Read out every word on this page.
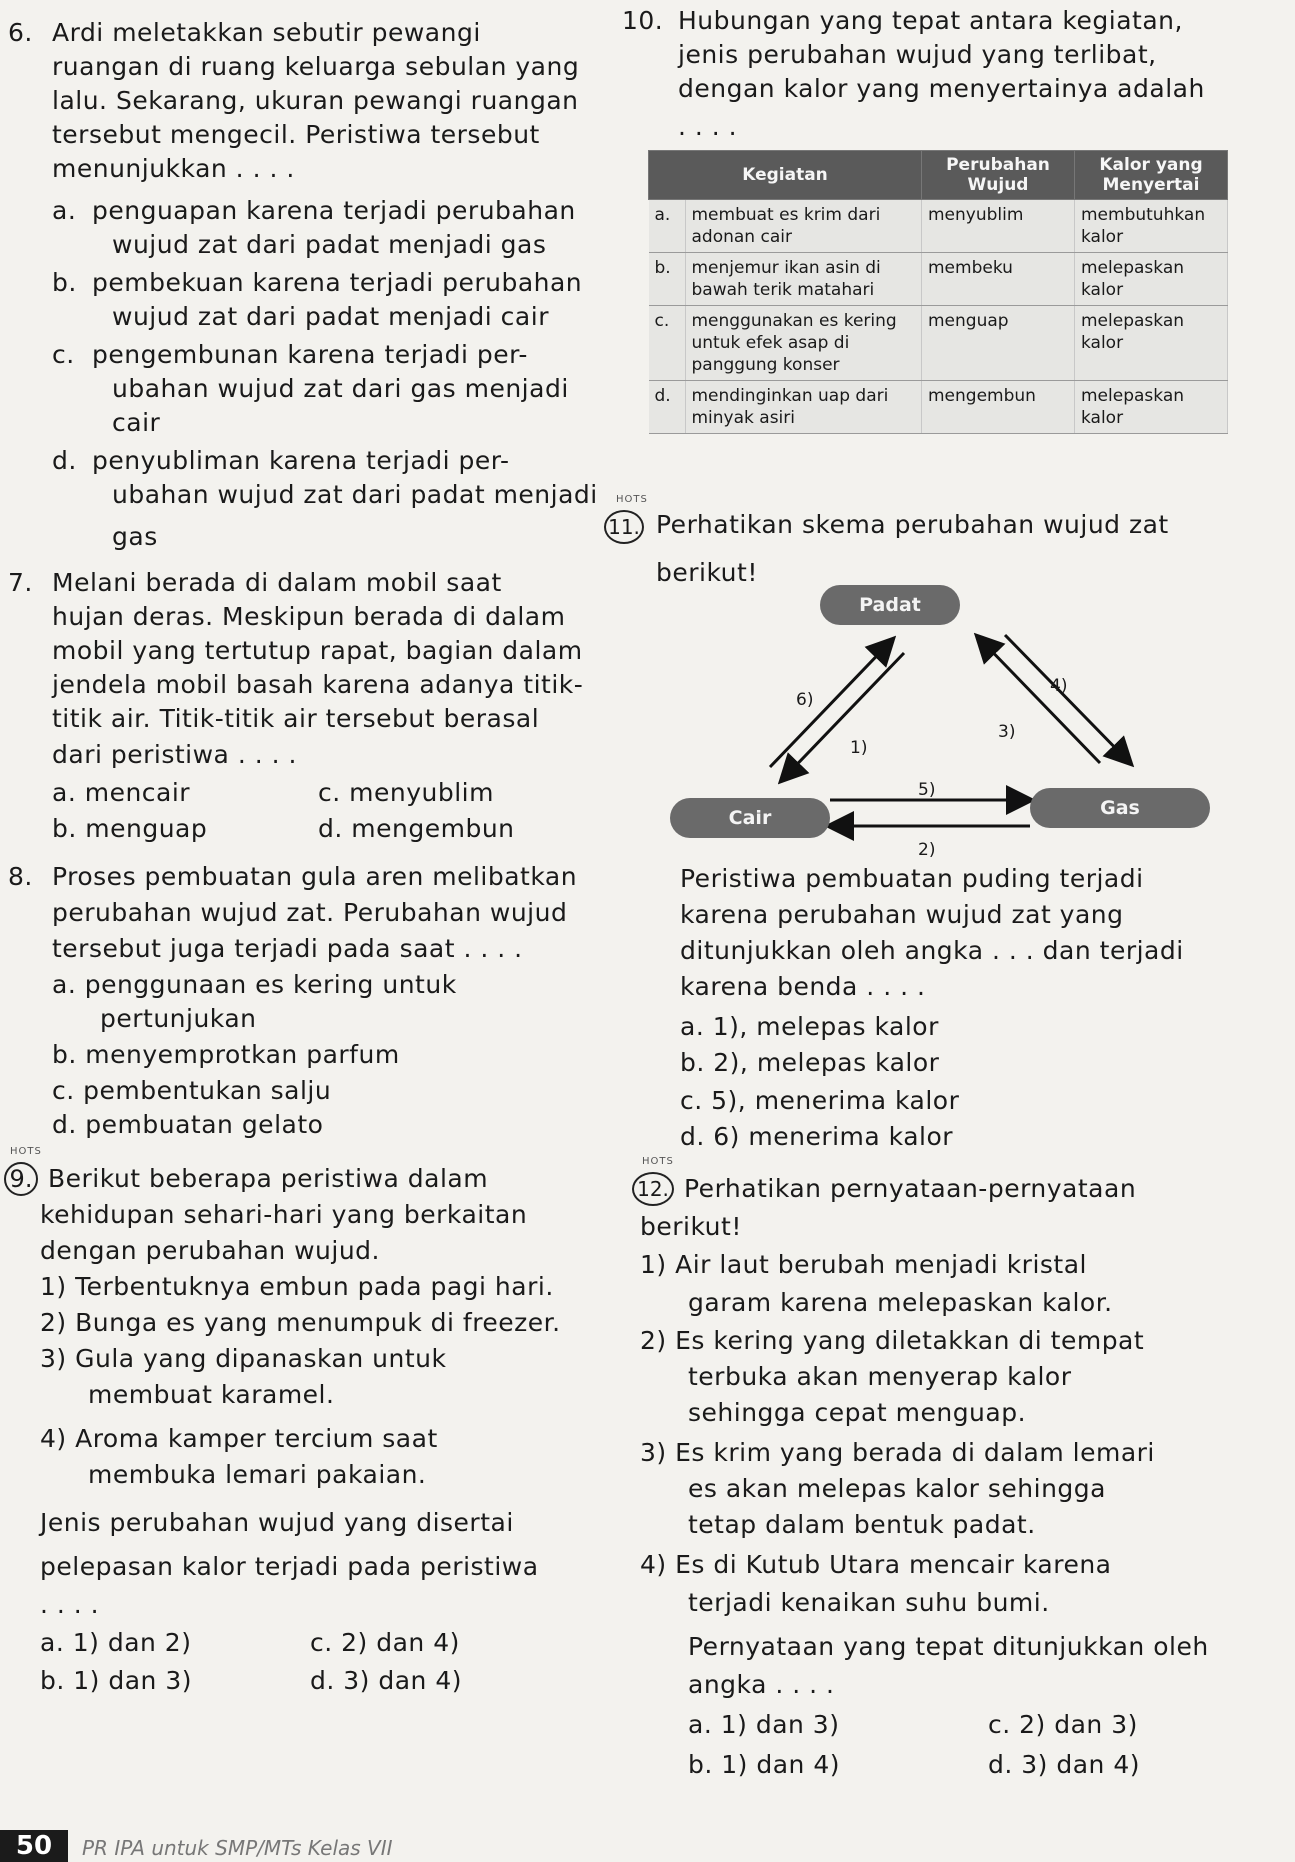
6. Ardi meletakkan sebutir pewangi
ruangan di ruang keluarga sebulan yang
lalu. Sekarang, ukuran pewangi ruangan
tersebut mengecil. Peristiwa tersebut
menunjukkan . . . .
a. penguapan karena terjadi perubahan
wujud zat dari padat menjadi gas
b. pembekuan karena terjadi perubahan
wujud zat dari padat menjadi cair
c. pengembunan karena terjadi per-
ubahan wujud zat dari gas menjadi
cair
d. penyubliman karena terjadi per-
ubahan wujud zat dari padat menjadi
gas
7. Melani berada di dalam mobil saat
hujan deras. Meskipun berada di dalam
mobil yang tertutup rapat, bagian dalam
jendela mobil basah karena adanya titik-
titik air. Titik-titik air tersebut berasal
dari peristiwa . . . .
a. mencair	c. menyublim
b. menguap	d. mengembun
8. Proses pembuatan gula aren melibatkan
perubahan wujud zat. Perubahan wujud
tersebut juga terjadi pada saat . . . .
a. penggunaan es kering untuk
pertunjukan
b. menyemprotkan parfum
c. pembentukan salju
d. pembuatan gelato
HOTS
9. Berikut beberapa peristiwa dalam
kehidupan sehari-hari yang berkaitan
dengan perubahan wujud.
1) Terbentuknya embun pada pagi hari.
2) Bunga es yang menumpuk di freezer.
3) Gula yang dipanaskan untuk
membuat karamel.
4) Aroma kamper tercium saat
membuka lemari pakaian.
Jenis perubahan wujud yang disertai
pelepasan kalor terjadi pada peristiwa
. . . .
a. 1) dan 2)	c. 2) dan 4)
b. 1) dan 3)	d. 3) dan 4)
10. Hubungan yang tepat antara kegiatan,
jenis perubahan wujud yang terlibat,
dengan kalor yang menyertainya adalah
. . . .
Kegiatan		Perubahan Wujud	Kalor yang Menyertai
a.	membuat es krim dari adonan cair	menyublim	membutuhkan kalor
b.	menjemur ikan asin di bawah terik matahari	membeku	melepaskan kalor
c.	menggunakan es kering untuk efek asap di panggung konser	menguap	melepaskan kalor
d.	mendinginkan uap dari minyak asiri	mengembun	melepaskan kalor
HOTS
11. Perhatikan skema perubahan wujud zat
berikut!
Padat
Cair	Gas
1)
2)
3)
4)
5)
6)
Peristiwa pembuatan puding terjadi
karena perubahan wujud zat yang
ditunjukkan oleh angka . . . dan terjadi
karena benda . . . .
a. 1), melepas kalor
b. 2), melepas kalor
c. 5), menerima kalor
d. 6) menerima kalor
HOTS
12. Perhatikan pernyataan-pernyataan
berikut!
1) Air laut berubah menjadi kristal
garam karena melepaskan kalor.
2) Es kering yang diletakkan di tempat
terbuka akan menyerap kalor
sehingga cepat menguap.
3) Es krim yang berada di dalam lemari
es akan melepas kalor sehingga
tetap dalam bentuk padat.
4) Es di Kutub Utara mencair karena
terjadi kenaikan suhu bumi.
Pernyataan yang tepat ditunjukkan oleh
angka . . . .
a. 1) dan 3)	c. 2) dan 3)
b. 1) dan 4)	d. 3) dan 4)
50	PR IPA untuk SMP/MTs Kelas VII
